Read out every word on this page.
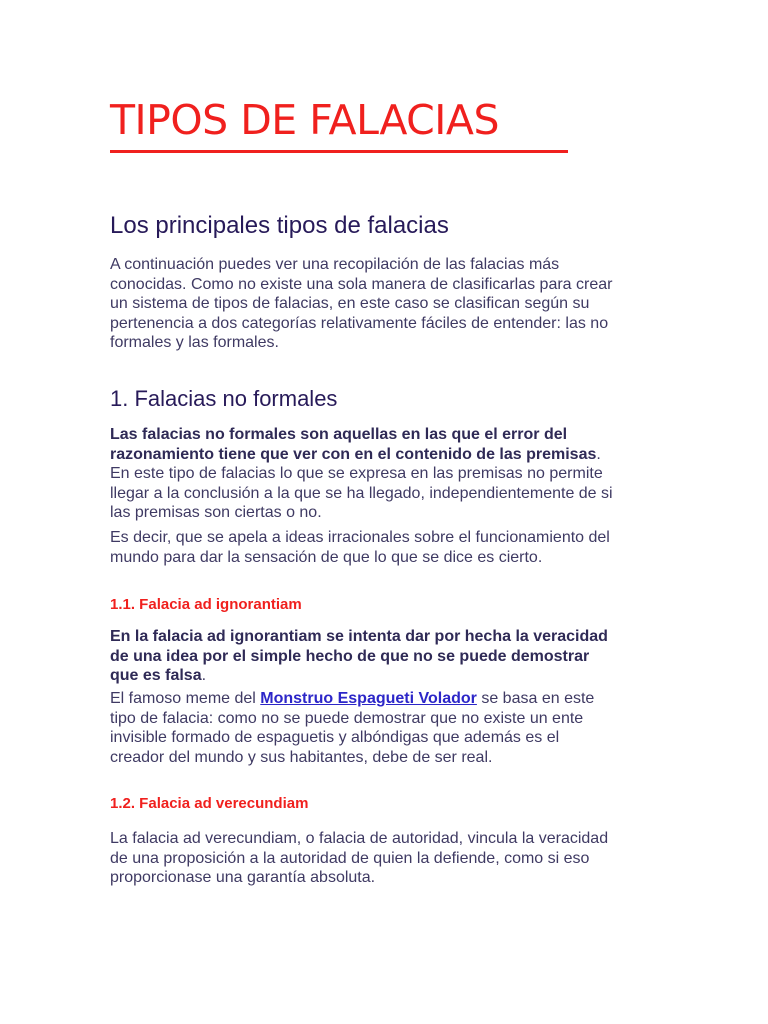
TIPOS DE FALACIAS
Los principales tipos de falacias

A continuación puedes ver una recopilación de las falacias más
conocidas. Como no existe una sola manera de clasificarlas para crear
un sistema de tipos de falacias, en este caso se clasifican según su
pertenencia a dos categorías relativamente fáciles de entender: las no
formales y las formales.

1. Falacias no formales

Las falacias no formales son aquellas en las que el error del
razonamiento tiene que ver con en el contenido de las premisas.
En este tipo de falacias lo que se expresa en las premisas no permite
llegar a la conclusión a la que se ha llegado, independientemente de si
las premisas son ciertas o no.

Es decir, que se apela a ideas irracionales sobre el funcionamiento del
mundo para dar la sensación de que lo que se dice es cierto.

1.1. Falacia ad ignorantiam

En la falacia ad ignorantiam se intenta dar por hecha la veracidad
de una idea por el simple hecho de que no se puede demostrar
que es falsa.

El famoso meme del Monstruo Espagueti Volador se basa en este
tipo de falacia: como no se puede demostrar que no existe un ente
invisible formado de espaguetis y albóndigas que además es el
creador del mundo y sus habitantes, debe de ser real.

1.2. Falacia ad verecundiam

La falacia ad verecundiam, o falacia de autoridad, vincula la veracidad
de una proposición a la autoridad de quien la defiende, como si eso
proporcionase una garantía absoluta.
